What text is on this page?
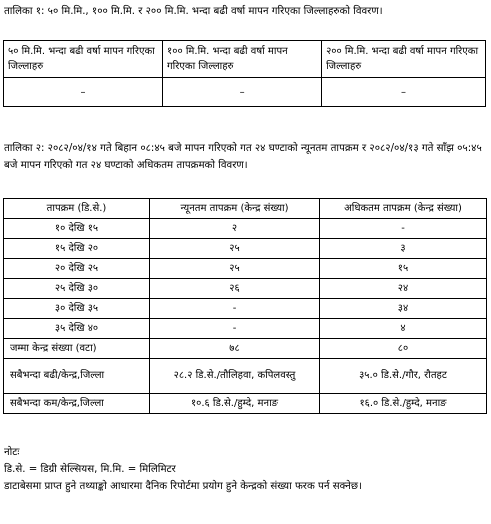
तालिका १: ५० मि.मि., १०० मि.मि. र २०० मि.मि. भन्दा बढी वर्षा मापन गरिएका जिल्लाहरुको विवरण।

५० मि.मि. भन्दा बढी वर्षा मापन गरिएका जिल्लाहरु	१०० मि.मि. भन्दा बढी वर्षा मापन गरिएका जिल्लाहरु	२०० मि.मि. भन्दा बढी वर्षा मापन गरिएका जिल्लाहरु
–	–	–

तालिका २: २०८२/०४/१४ गते बिहान ०८:४५ बजे मापन गरिएको गत २४ घण्टाको न्यूनतम तापक्रम र २०८२/०४/१३ गते साँझ ०५:४५ बजे मापन गरिएको गत २४ घण्टाको अधिकतम तापक्रमको विवरण।

तापक्रम (डि.से.)	न्यूनतम तापक्रम (केन्द्र संख्या)	अधिकतम तापक्रम (केन्द्र संख्या)
१० देखि १५	२	-
१५ देखि २०	२५	३
२० देखि २५	२५	१५
२५ देखि ३०	२६	२४
३० देखि ३५	-	३४
३५ देखि ४०	-	४
जम्मा केन्द्र संख्या (वटा)	७८	८०
सबैभन्दा बढी/केन्द्र,जिल्ला	२८.२ डि.से./तौलिहवा, कपिलवस्तु	३५.० डि.से./गौर, रौतहट
सबैभन्दा कम/केन्द्र,जिल्ला	१०.६ डि.से./हुम्दे, मनाङ	१६.० डि.से./हुम्दे, मनाङ

नोटः

डि.से. = डिग्री सेल्सियस, मि.मि. = मिलिमिटर

डाटाबेसमा प्राप्त हुने तथ्याङ्को आधारमा दैनिक रिपोर्टमा प्रयोग हुने केन्द्रको संख्या फरक पर्न सक्नेछ।
